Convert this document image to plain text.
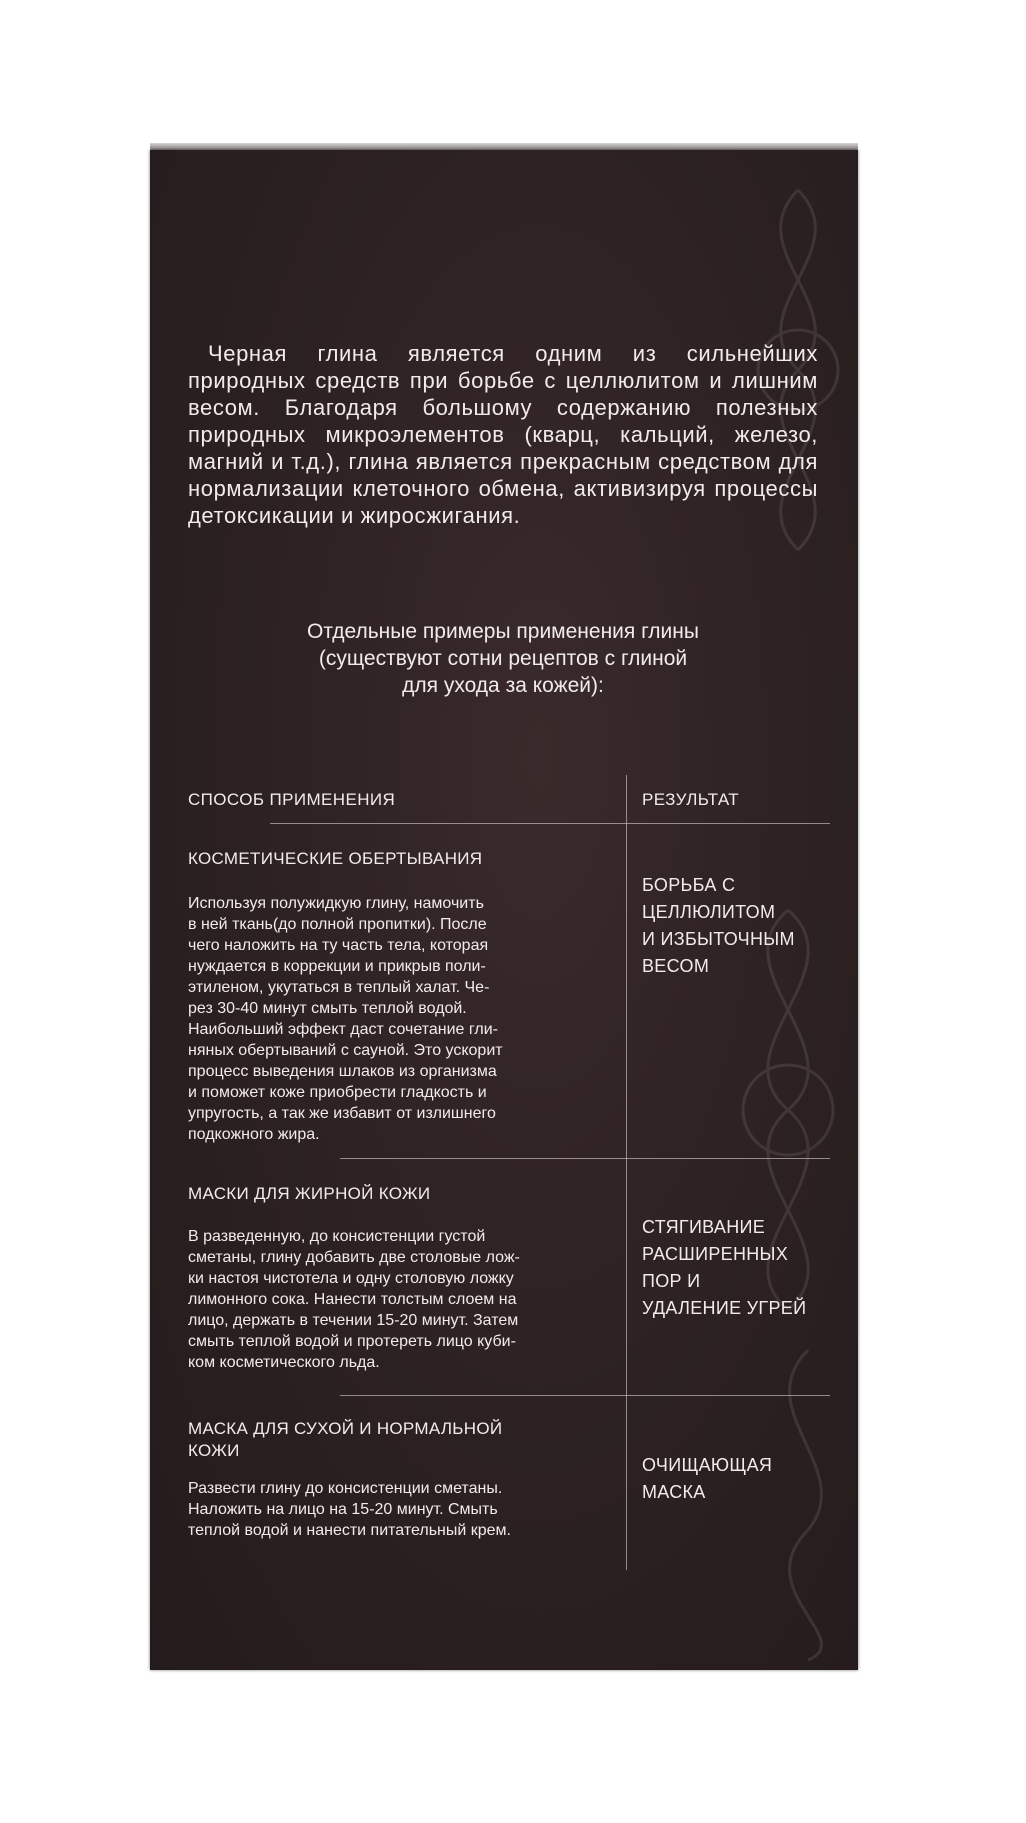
Черная глина является одним из сильнейших природных средств при борьбе с целлюлитом и лишним весом. Благодаря большому содержанию полезных природных микроэлементов (кварц, кальций, железо, магний и т.д.), глина является прекрасным средством для нормализации клеточного обмена, активизируя процессы детоксикации и жиросжигания.

Отдельные примеры применения глины
(существуют сотни рецептов с глиной
для ухода за кожей):

СПОСОБ ПРИМЕНЕНИЯ	РЕЗУЛЬТАТ

КОСМЕТИЧЕСКИЕ ОБЕРТЫВАНИЯ

Используя полужидкую глину, намочить
в ней ткань(до полной пропитки). После
чего наложить на ту часть тела, которая
нуждается в коррекции и прикрыв поли-
этиленом, укутаться в теплый халат. Че-
рез 30-40 минут смыть теплой водой.
Наибольший эффект даст сочетание гли-
няных обертываний с сауной. Это ускорит
процесс выведения шлаков из организма
и поможет коже приобрести гладкость и
упругость, а так же избавит от излишнего
подкожного жира.

БОРЬБА С
ЦЕЛЛЮЛИТОМ
И ИЗБЫТОЧНЫМ
ВЕСОМ

МАСКИ ДЛЯ ЖИРНОЙ КОЖИ

В разведенную, до консистенции густой
сметаны, глину добавить две столовые лож-
ки настоя чистотела и одну столовую ложку
лимонного сока. Нанести толстым слоем на
лицо, держать в течении 15-20 минут. Затем
смыть теплой водой и протереть лицо куби-
ком косметического льда.

СТЯГИВАНИЕ
РАСШИРЕННЫХ
ПОР И
УДАЛЕНИЕ УГРЕЙ

МАСКА ДЛЯ СУХОЙ И НОРМАЛЬНОЙ
КОЖИ

Развести глину до консистенции сметаны.
Наложить на лицо на 15-20 минут. Смыть
теплой водой и нанести питательный крем.

ОЧИЩАЮЩАЯ
МАСКА
